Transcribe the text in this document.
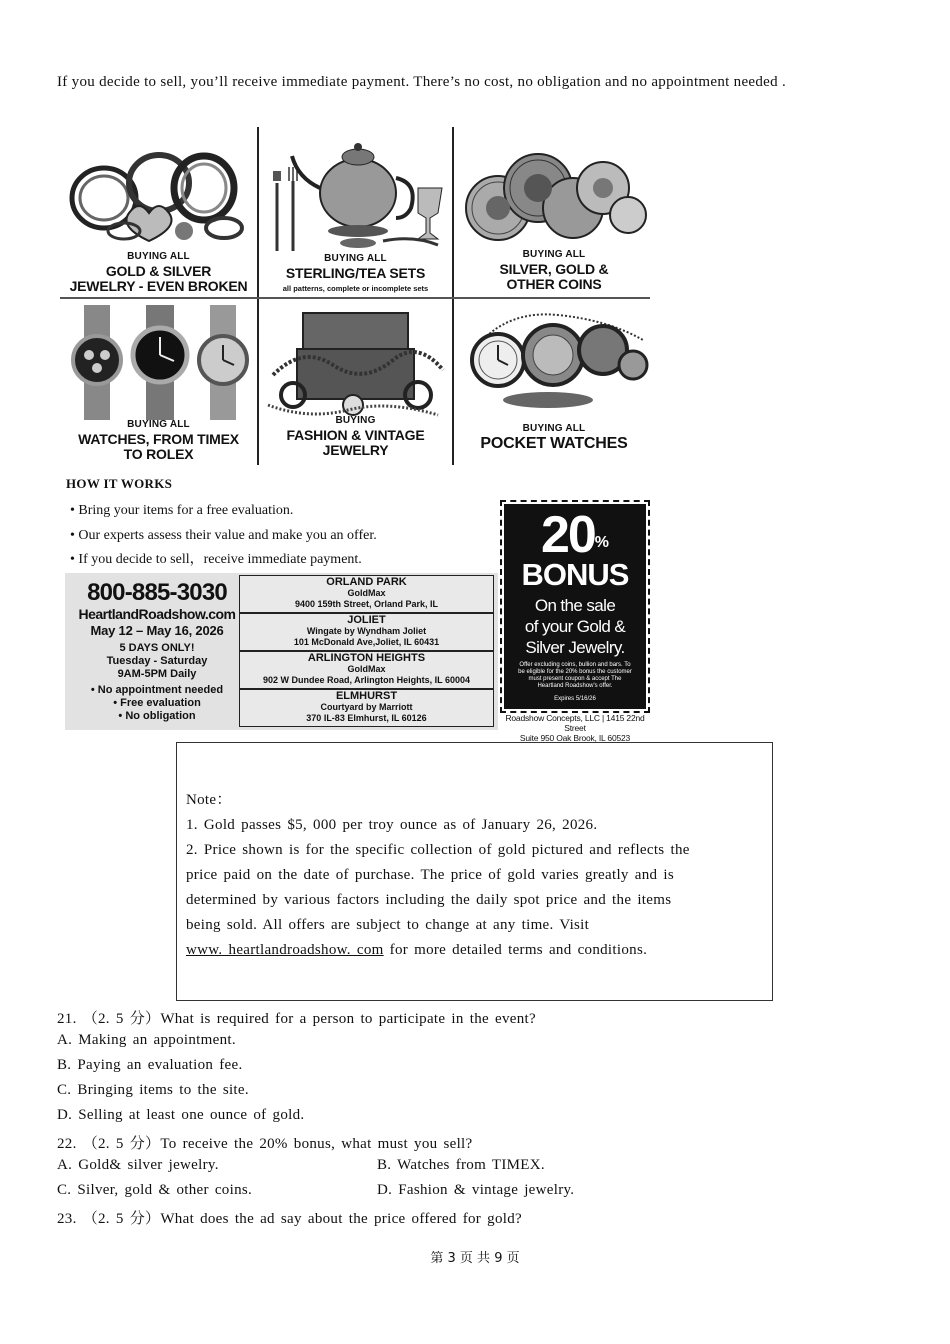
If you decide to sell, you’ll receive immediate payment. There’s no cost, no obligation and no appointment needed .
BUYING ALL
GOLD & SILVER
JEWELRY - EVEN BROKEN
BUYING ALL
STERLING/TEA SETS
all patterns, complete or incomplete sets
BUYING ALL
SILVER, GOLD &
OTHER COINS
BUYING ALL
WATCHES, FROM TIMEX
TO ROLEX
BUYING
FASHION & VINTAGE
JEWELRY
BUYING ALL
POCKET WATCHES
HOW IT WORKS
• Bring your items for a free evaluation.
• Our experts assess their value and make you an offer.
• If you decide to sell，receive immediate payment.
800-885-3030
HeartlandRoadshow.com
May 12 – May 16, 2026
5 DAYS ONLY!
Tuesday - Saturday
9AM-5PM Daily
• No appointment needed
• Free evaluation
• No obligation
ORLAND PARK
GoldMax
9400 159th Street, Orland Park, IL
JOLIET
Wingate by Wyndham Joliet
101 McDonald Ave,Joliet, IL 60431
ARLINGTON HEIGHTS
GoldMax
902 W Dundee Road, Arlington Heights, IL 60004
ELMHURST
Courtyard by Marriott
370 IL-83 Elmhurst, IL 60126
20%
BONUS
On the sale
of your Gold &
Silver Jewelry.
Offer excluding coins, bullion and bars. To be eligible for the 20% bonus the customer must present coupon & accept The Heartland Roadshow's offer.
Expires 5/16/26
Roadshow Concepts, LLC | 1415 22nd Street
Suite 950 Oak Brook, IL 60523
Note：
1. Gold passes $5, 000 per troy ounce as of January 26, 2026.
2. Price shown is for the specific collection of gold pictured and reflects the
price paid on the date of purchase. The price of gold varies greatly and is
determined by various factors including the daily spot price and the items
being sold. All offers are subject to change at any time. Visit
www. heartlandroadshow. com for more detailed terms and conditions.
21. （2. 5 分）What is required for a person to participate in the event?
A. Making an appointment.
B. Paying an evaluation fee.
C. Bringing items to the site.
D. Selling at least one ounce of gold.
22. （2. 5 分）To receive the 20% bonus, what must you sell?
A. Gold& silver jewelry.	B. Watches from TIMEX.
C. Silver, gold & other coins.	D. Fashion & vintage jewelry.
23. （2. 5 分）What does the ad say about the price offered for gold?
第 3 页 共 9 页
